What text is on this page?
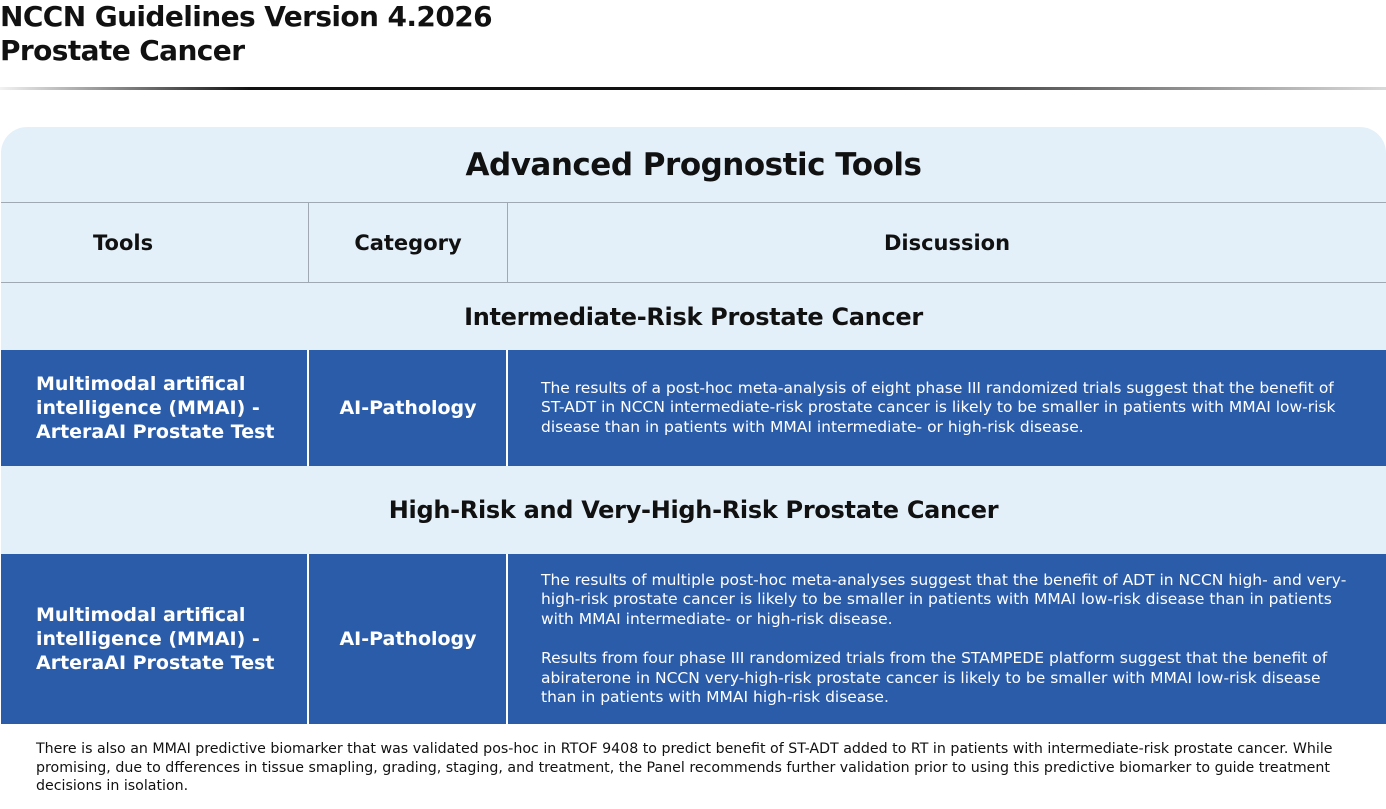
NCCN Guidelines Version 4.2026
Prostate Cancer
Advanced Prognostic Tools
Tools	Category	Discussion
Intermediate-Risk Prostate Cancer
Multimodal artifical intelligence (MMAI) - ArteraAI Prostate Test
AI-Pathology

The results of a post-hoc meta-analysis of eight phase III randomized trials suggest that the benefit of ST-ADT in NCCN intermediate-risk prostate cancer is likely to be smaller in patients with MMAI low-risk disease than in patients with MMAI intermediate- or high-risk disease.

High-Risk and Very-High-Risk Prostate Cancer
Multimodal artifical intelligence (MMAI) - ArteraAI Prostate Test
AI-Pathology

The results of multiple post-hoc meta-analyses suggest that the benefit of ADT in NCCN high- and very-high-risk prostate cancer is likely to be smaller in patients with MMAI low-risk disease than in patients with MMAI intermediate- or high-risk disease.

Results from four phase III randomized trials from the STAMPEDE platform suggest that the benefit of abiraterone in NCCN very-high-risk prostate cancer is likely to be smaller with MMAI low-risk disease than in patients with MMAI high-risk disease.

There is also an MMAI predictive biomarker that was validated pos-hoc in RTOF 9408 to predict benefit of ST-ADT added to RT in patients with intermediate-risk prostate cancer. While promising, due to dfferences in tissue smapling, grading, staging, and treatment, the Panel recommends further validation prior to using this predictive biomarker to guide treatment decisions in isolation.
